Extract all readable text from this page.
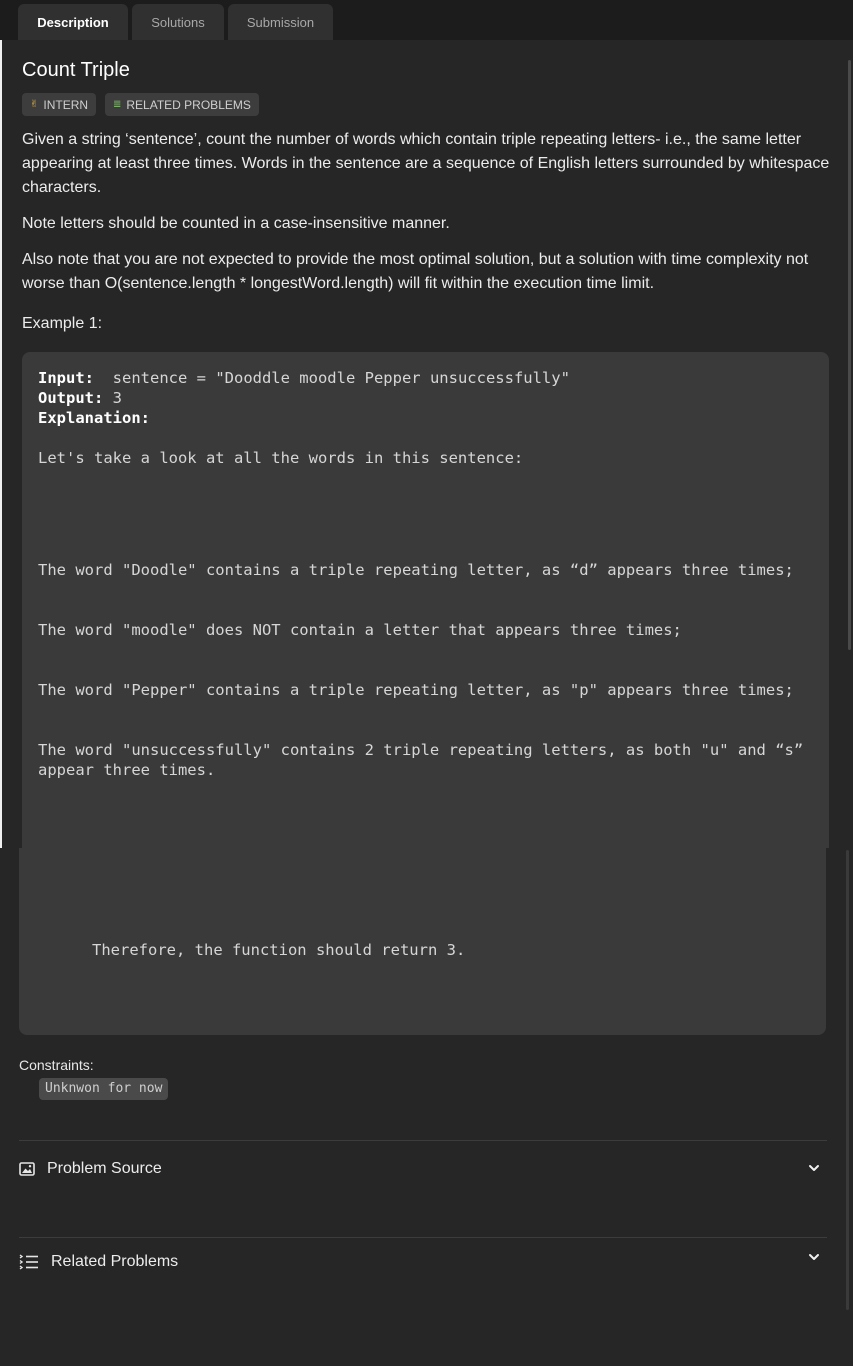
Description	Solutions	Submission
Count Triple
✌ INTERN ≣ RELATED PROBLEMS

Given a string ‘sentence’, count the number of words which contain triple repeating letters- i.e., the same letter appearing at least three times. Words in the sentence are a sequence of English letters surrounded by whitespace characters.

Note letters should be counted in a case-insensitive manner.

Also note that you are not expected to provide the most optimal solution, but a solution with time complexity not worse than O(sentence.length * longestWord.length) will fit within the execution time limit.

Example 1:

Input: sentence = "Dooddle moodle Pepper unsuccessfully"
Output: 3
Explanation:
Let's take a look at all the words in this sentence:
The word "Doodle" contains a triple repeating letter, as “d” appears three times;
The word "moodle" does NOT contain a letter that appears three times;
The word "Pepper" contains a triple repeating letter, as "p" appears three times;
The word "unsuccessfully" contains 2 triple repeating letters, as both "u" and “s”
appear three times.
Therefore, the function should return 3.
Constraints:
Unknwon for now
Problem Source
Related Problems
